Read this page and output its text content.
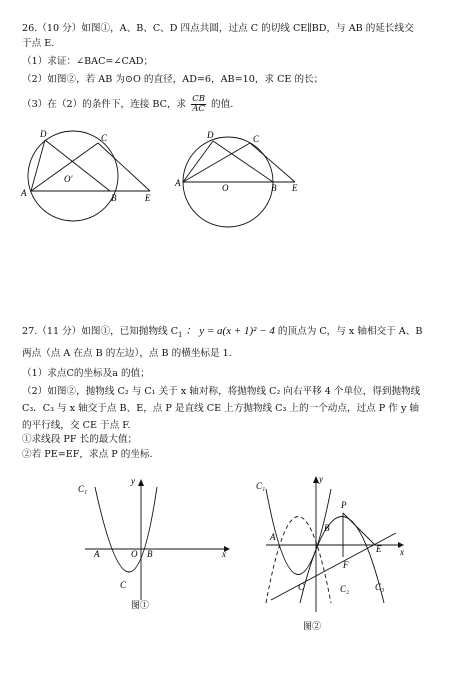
26.（10 分）如图①，A、B、C、D 四点共圆，过点 C 的切线 CE∥BD，与 AB 的延长线交
于点 E.
（1）求证：∠BAC=∠CAD；
（2）如图②，若 AB 为⊙O 的直径，AD=6，AB=10，求 CE 的长；
（3）在（2）的条件下，连接 BC，求 $\frac{CB}{AC}$ 的值.
D	C
A
O'
B	E
D	C
A	O	B E
27.（11 分）如图①，已知抛物线 $C_1$ ： y = a(x + 1)² − 4 的顶点为 C，与 x 轴相交于 A、B
两点（点 A 在点 B 的左边），点 B 的横坐标是 1.
（1）求点C的坐标及a 的值；
（2）如图②，抛物线 C₂ 与 C₁ 关于 x 轴对称，将抛物线 C₂ 向右平移 4 个单位，得到抛物线
C₃．C₃ 与 x 轴交于点 B、E，点 P 是直线 CE 上方抛物线 C₃ 上的一个动点，过点 P 作 y 轴
的平行线，交 CE 于点 F.
①求线段 PF 长的最大值；
②若 PE=EF，求点 P 的坐标.
C₁
y
x
A	O B
C
图①
C₁
y
x
A
P
B
E
F
C	C₂	C₃
图②
